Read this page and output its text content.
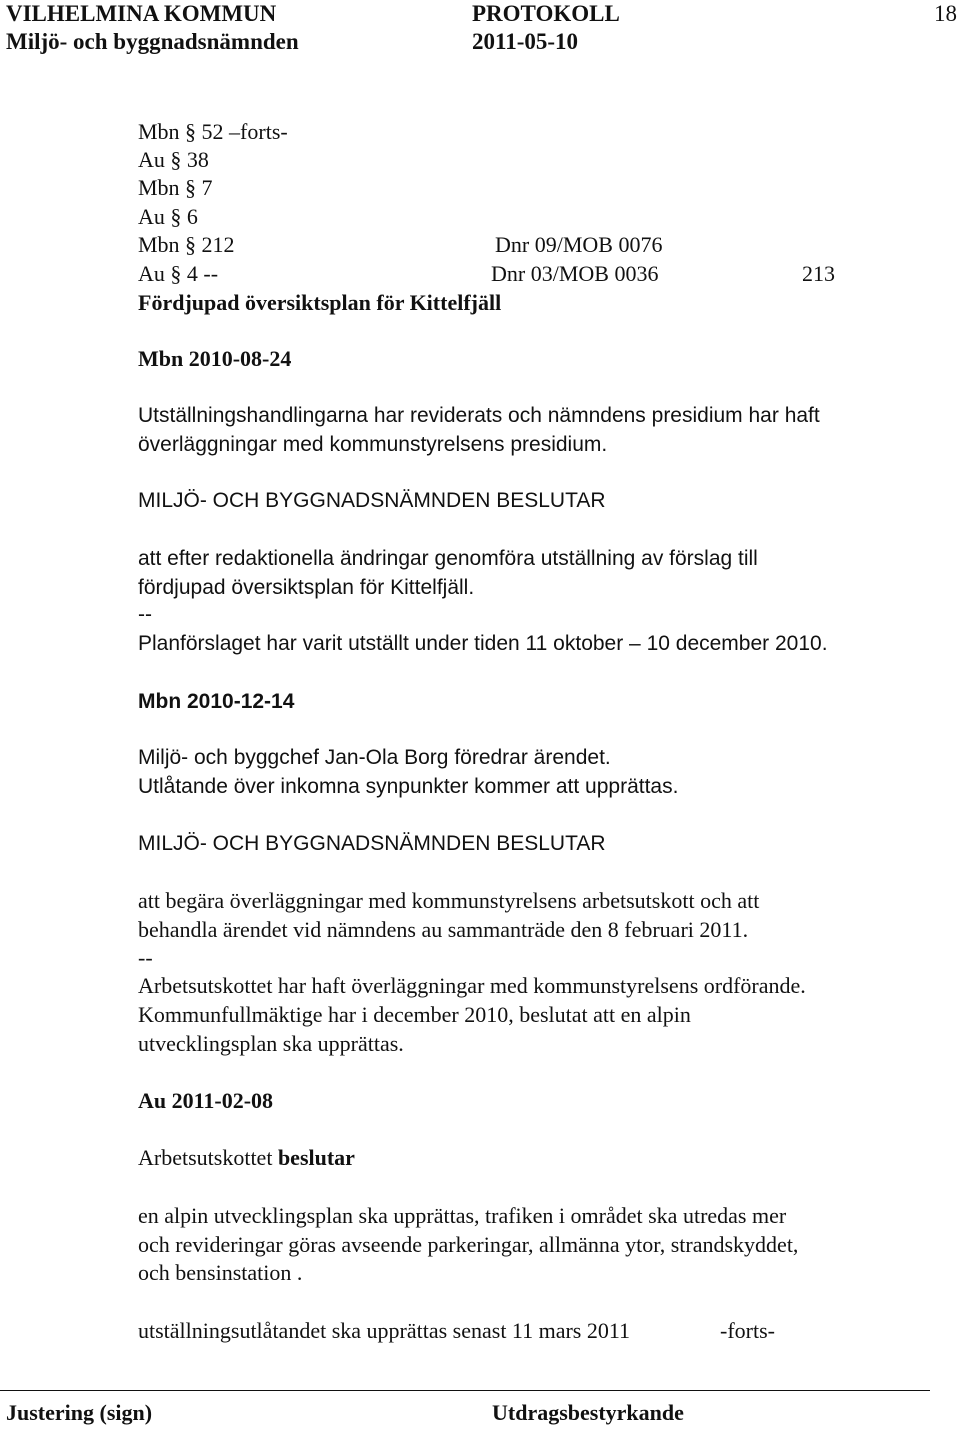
VILHELMINA KOMMUN	PROTOKOLL	18
Miljö- och byggnadsnämnden	2011-05-10
Mbn § 52 –forts-
Au § 38
Mbn § 7
Au § 6
Mbn § 212	Dnr 09/MOB 0076
Au § 4 --	Dnr 03/MOB 0036	213
Fördjupad översiktsplan för Kittelfjäll
Mbn 2010-08-24
Utställningshandlingarna har reviderats och nämndens presidium har haft
överläggningar med kommunstyrelsens presidium.
MILJÖ- OCH BYGGNADSNÄMNDEN BESLUTAR
att efter redaktionella ändringar genomföra utställning av förslag till
fördjupad översiktsplan för Kittelfjäll.
--
Planförslaget har varit utställt under tiden 11 oktober – 10 december 2010.
Mbn 2010-12-14
Miljö- och byggchef Jan-Ola Borg föredrar ärendet.
Utlåtande över inkomna synpunkter kommer att upprättas.
MILJÖ- OCH BYGGNADSNÄMNDEN BESLUTAR
att begära överläggningar med kommunstyrelsens arbetsutskott och att
behandla ärendet vid nämndens au sammanträde den 8 februari 2011.
--
Arbetsutskottet har haft överläggningar med kommunstyrelsens ordförande.
Kommunfullmäktige har i december 2010, beslutat att en alpin
utvecklingsplan ska upprättas.
Au 2011-02-08
Arbetsutskottet beslutar
en alpin utvecklingsplan ska upprättas, trafiken i området ska utredas mer
och revideringar göras avseende parkeringar, allmänna ytor, strandskyddet,
och bensinstation .
utställningsutlåtandet ska upprättas senast 11 mars 2011	-forts-
Justering (sign)	Utdragsbestyrkande
